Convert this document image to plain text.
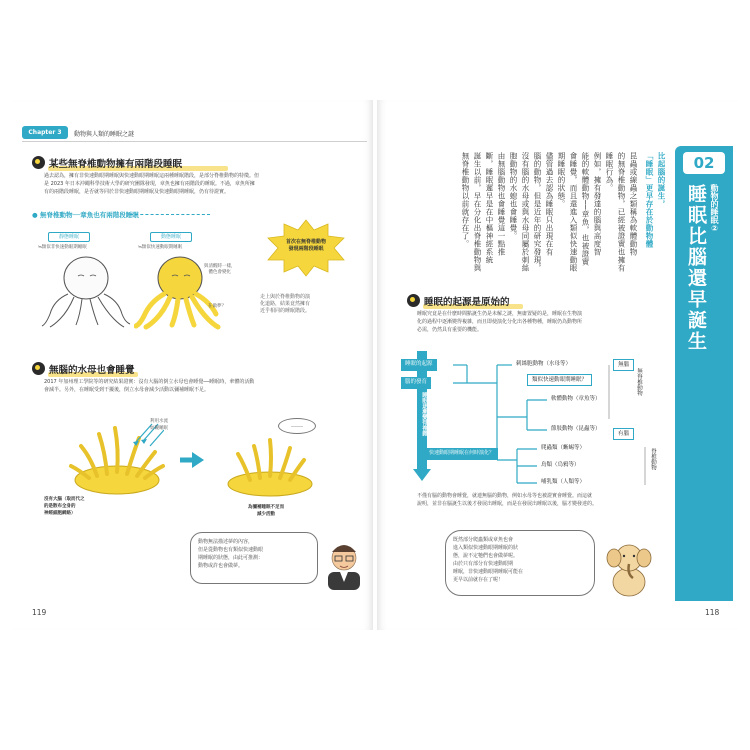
Chapter 3	動物與人類的睡眠之謎
某些無脊椎動物擁有兩階段睡眠
過去認為，擁有非快速動眼期睡眠與快速動眼期睡眠這兩種睡眠階段，是部分脊椎動物的特徵。但
是 2023 年日本沖繩科學技術大學的研究團隊發現，章魚也擁有兩階段的睡眠。不過，章魚所擁
有的兩階段睡眠，是否就等同於非快速動眼期睡眠及快速動眼期睡眠，仍有待證實。
● 無脊椎動物──章魚也有兩階段睡眠
靜態睡眠
≒類似非快速動眼期睡眠
動態睡眠
≒類似快速動眼期睡眠
與清醒時一樣，
體色會變化
在做夢？
首次在無脊椎動物
發現兩階段睡眠
走上與於脊椎動物的演
化道路，結果竟然擁有
近乎相同的睡眠階段。
無腦的水母也會睡覺
2017 年加州理工學院等的研究結果證實：沒有大腦的倒立水母也會睡覺──睡眠時，傘體的活動
會減半。另外，在睡眠受到干擾後，倒立水母會減少活動以彌補睡眠不足。
利用水流
妨礙睡眠
沒有大腦（取而代之
的是散布全身的
神經細胞網絡）
……
為彌補睡眠不足而
減少活動
動物無法描述夢的內容，
但是從動物也有類似快速動眼
期睡眠的狀態，由此可推測：
動物或許也會做夢。
119
02
動物的睡眠②
睡眠比腦還早誕生
比起腦的誕生，
「睡眠」更早存在於動物體
昆蟲或線蟲之類稱為軟體動物
的無脊椎動物，已經被證實也擁有
睡眠行為。
例如，擁有發達的腦與高度智
能的軟體動物──章魚，也被證實
會睡覺，而且還進入類似快速動眼
期睡眠的狀態。
儘管過去認為睡眠只出現在有
腦的動物，但是近年的研究發現，
沒有腦的水母或與水母同屬於刺絲
胞動物的水螅也會睡覺。
由無腦動物也會睡覺這一點推
斷，睡眠遲早是在中樞神經系統
誕生以前，早在分化出脊椎動物與
無脊椎動物以前就存在了。
睡眠的起源是原始的
睡眠究竟是在什麼時間點誕生仍是未解之謎，無庸置疑的是，睡眠在生物演
化的過程中逐漸變得複雜，而且即使演化分化出各種物種，睡眠仍為動物所
必需，仍然具有重要的機能。
睡眠的起源
腦的發育
睡眠逐漸變得複雜
刺絲胞動物（水母等）
類似快速動眼期睡眠？
軟體動物（章魚等）
節肢動物（昆蟲等）
快速動眼期睡眠在何時演化？
爬蟲類（蜥蜴等）
鳥類（烏鴉等）
哺乳類（人類等）
無腦
有腦
無脊椎動物
脊椎動物
不僅有腦的動物會睡覺，就連無腦的動物，例如水母等也被證實會睡覺。而這就
說明，並非在腦誕生以後才發展出睡眠，而是在發展出睡眠以後，腦才變發達的。
既然部分爬蟲類或章魚也會
進入類似快速動眼期睡眠的狀
態，說不定牠們也會做夢呢。
由於只有部分有快速動眼期
睡眠，非快速動眼期睡眠可能在
更早以前就存在了呢！
118
